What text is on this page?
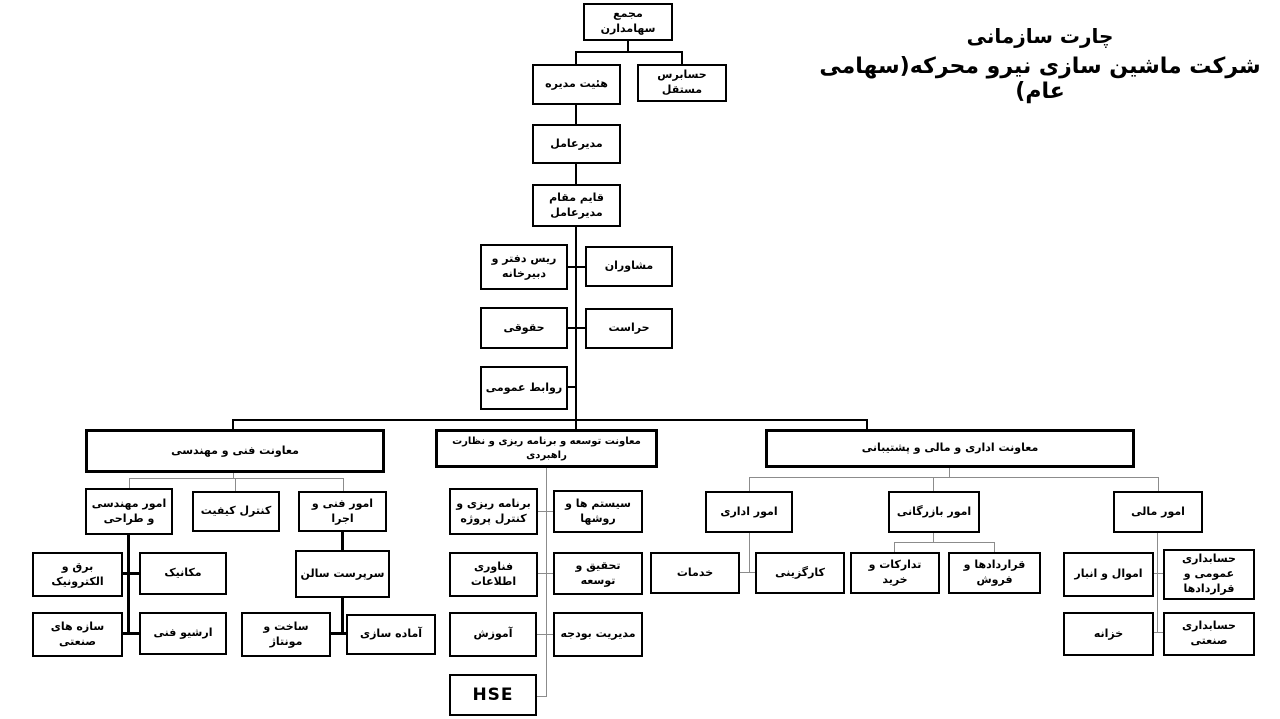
چارت سازمانی
شرکت ماشین سازی نیرو محرکه(سهامی عام)
مجمع سهامدارن
هئیت مدیره
حسابرس مستقل
مدیرعامل
قایم مقام مدیرعامل
ریس دفتر و دبیرخانه
مشاوران
حقوقی	حراست
روابط عمومی
معاونت فنی و مهندسی
معاونت توسعه و برنامه ریزی و نظارت راهبردی
معاونت اداری و مالی و پشتیبانی
امور مهندسی و طراحی
کنترل کیفیت
امور فنی و اجرا
برق و الکترونیک
مکانیک
سازه های صنعتی
ارشیو فنی
سرپرست سالن
ساخت و مونتاژ
آماده سازی
برنامه ریزی و کنترل پروژه
سیستم ها و روشها
فناوری اطلاعات
تحقیق و توسعه
آموزش	مدیریت بودجه
HSE
امور اداری
خدمات	کارگزینی
امور بازرگانی
تدارکات و خرید
قراردادها و فروش
امور مالی
اموال و انبار
حسابداری عمومی و قراردادها
خزانه
حسابداری صنعتی
